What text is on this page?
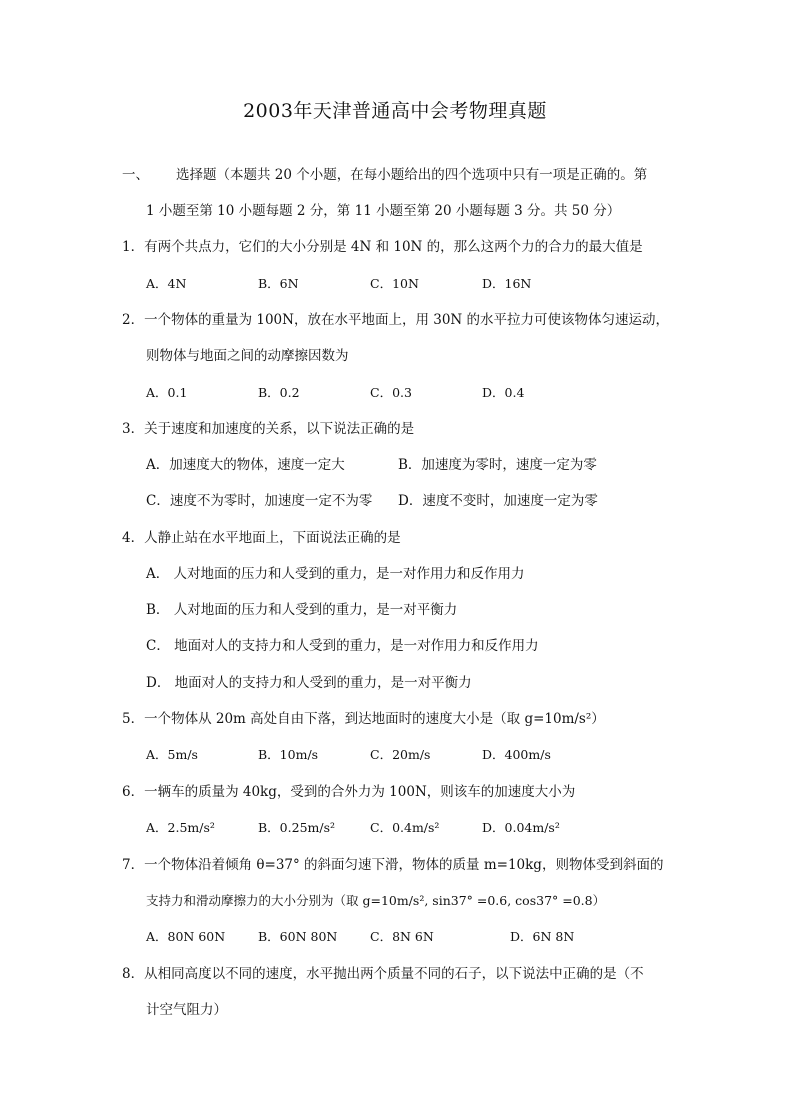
2003年天津普通高中会考物理真题
一、 选择题（本题共 20 个小题，在每小题给出的四个选项中只有一项是正确的。第
1 小题至第 10 小题每题 2 分，第 11 小题至第 20 小题每题 3 分。共 50 分）
1．有两个共点力，它们的大小分别是 4N 和 10N 的，那么这两个力的合力的最大值是
A．4N	B．6N	C．10N	D．16N
2．一个物体的重量为 100N，放在水平地面上，用 30N 的水平拉力可使该物体匀速运动，
则物体与地面之间的动摩擦因数为
A．0.1	B．0.2	C．0.3	D．0.4
3．关于速度和加速度的关系，以下说法正确的是
A．加速度大的物体，速度一定大	B．加速度为零时，速度一定为零
C．速度不为零时，加速度一定不为零 D．速度不变时，加速度一定为零
4．人静止站在水平地面上，下面说法正确的是
A． 人对地面的压力和人受到的重力，是一对作用力和反作用力
B． 人对地面的压力和人受到的重力，是一对平衡力
C． 地面对人的支持力和人受到的重力，是一对作用力和反作用力
D． 地面对人的支持力和人受到的重力，是一对平衡力
5．一个物体从 20m 高处自由下落，到达地面时的速度大小是（取 g=10m/s²）
A．5m/s	B．10m/s	C．20m/s	D．400m/s
6．一辆车的质量为 40kg，受到的合外力为 100N，则该车的加速度大小为
A．2.5m/s²	B．0.25m/s²	C．0.4m/s²	D．0.04m/s²
7．一个物体沿着倾角 θ=37° 的斜面匀速下滑，物体的质量 m=10kg，则物体受到斜面的
支持力和滑动摩擦力的大小分别为（取 g=10m/s², sin37° =0.6, cos37° =0.8）
A．80N 60N	B．60N 80N	C．8N 6N	D．6N 8N
8．从相同高度以不同的速度，水平抛出两个质量不同的石子，以下说法中正确的是（不
计空气阻力）
